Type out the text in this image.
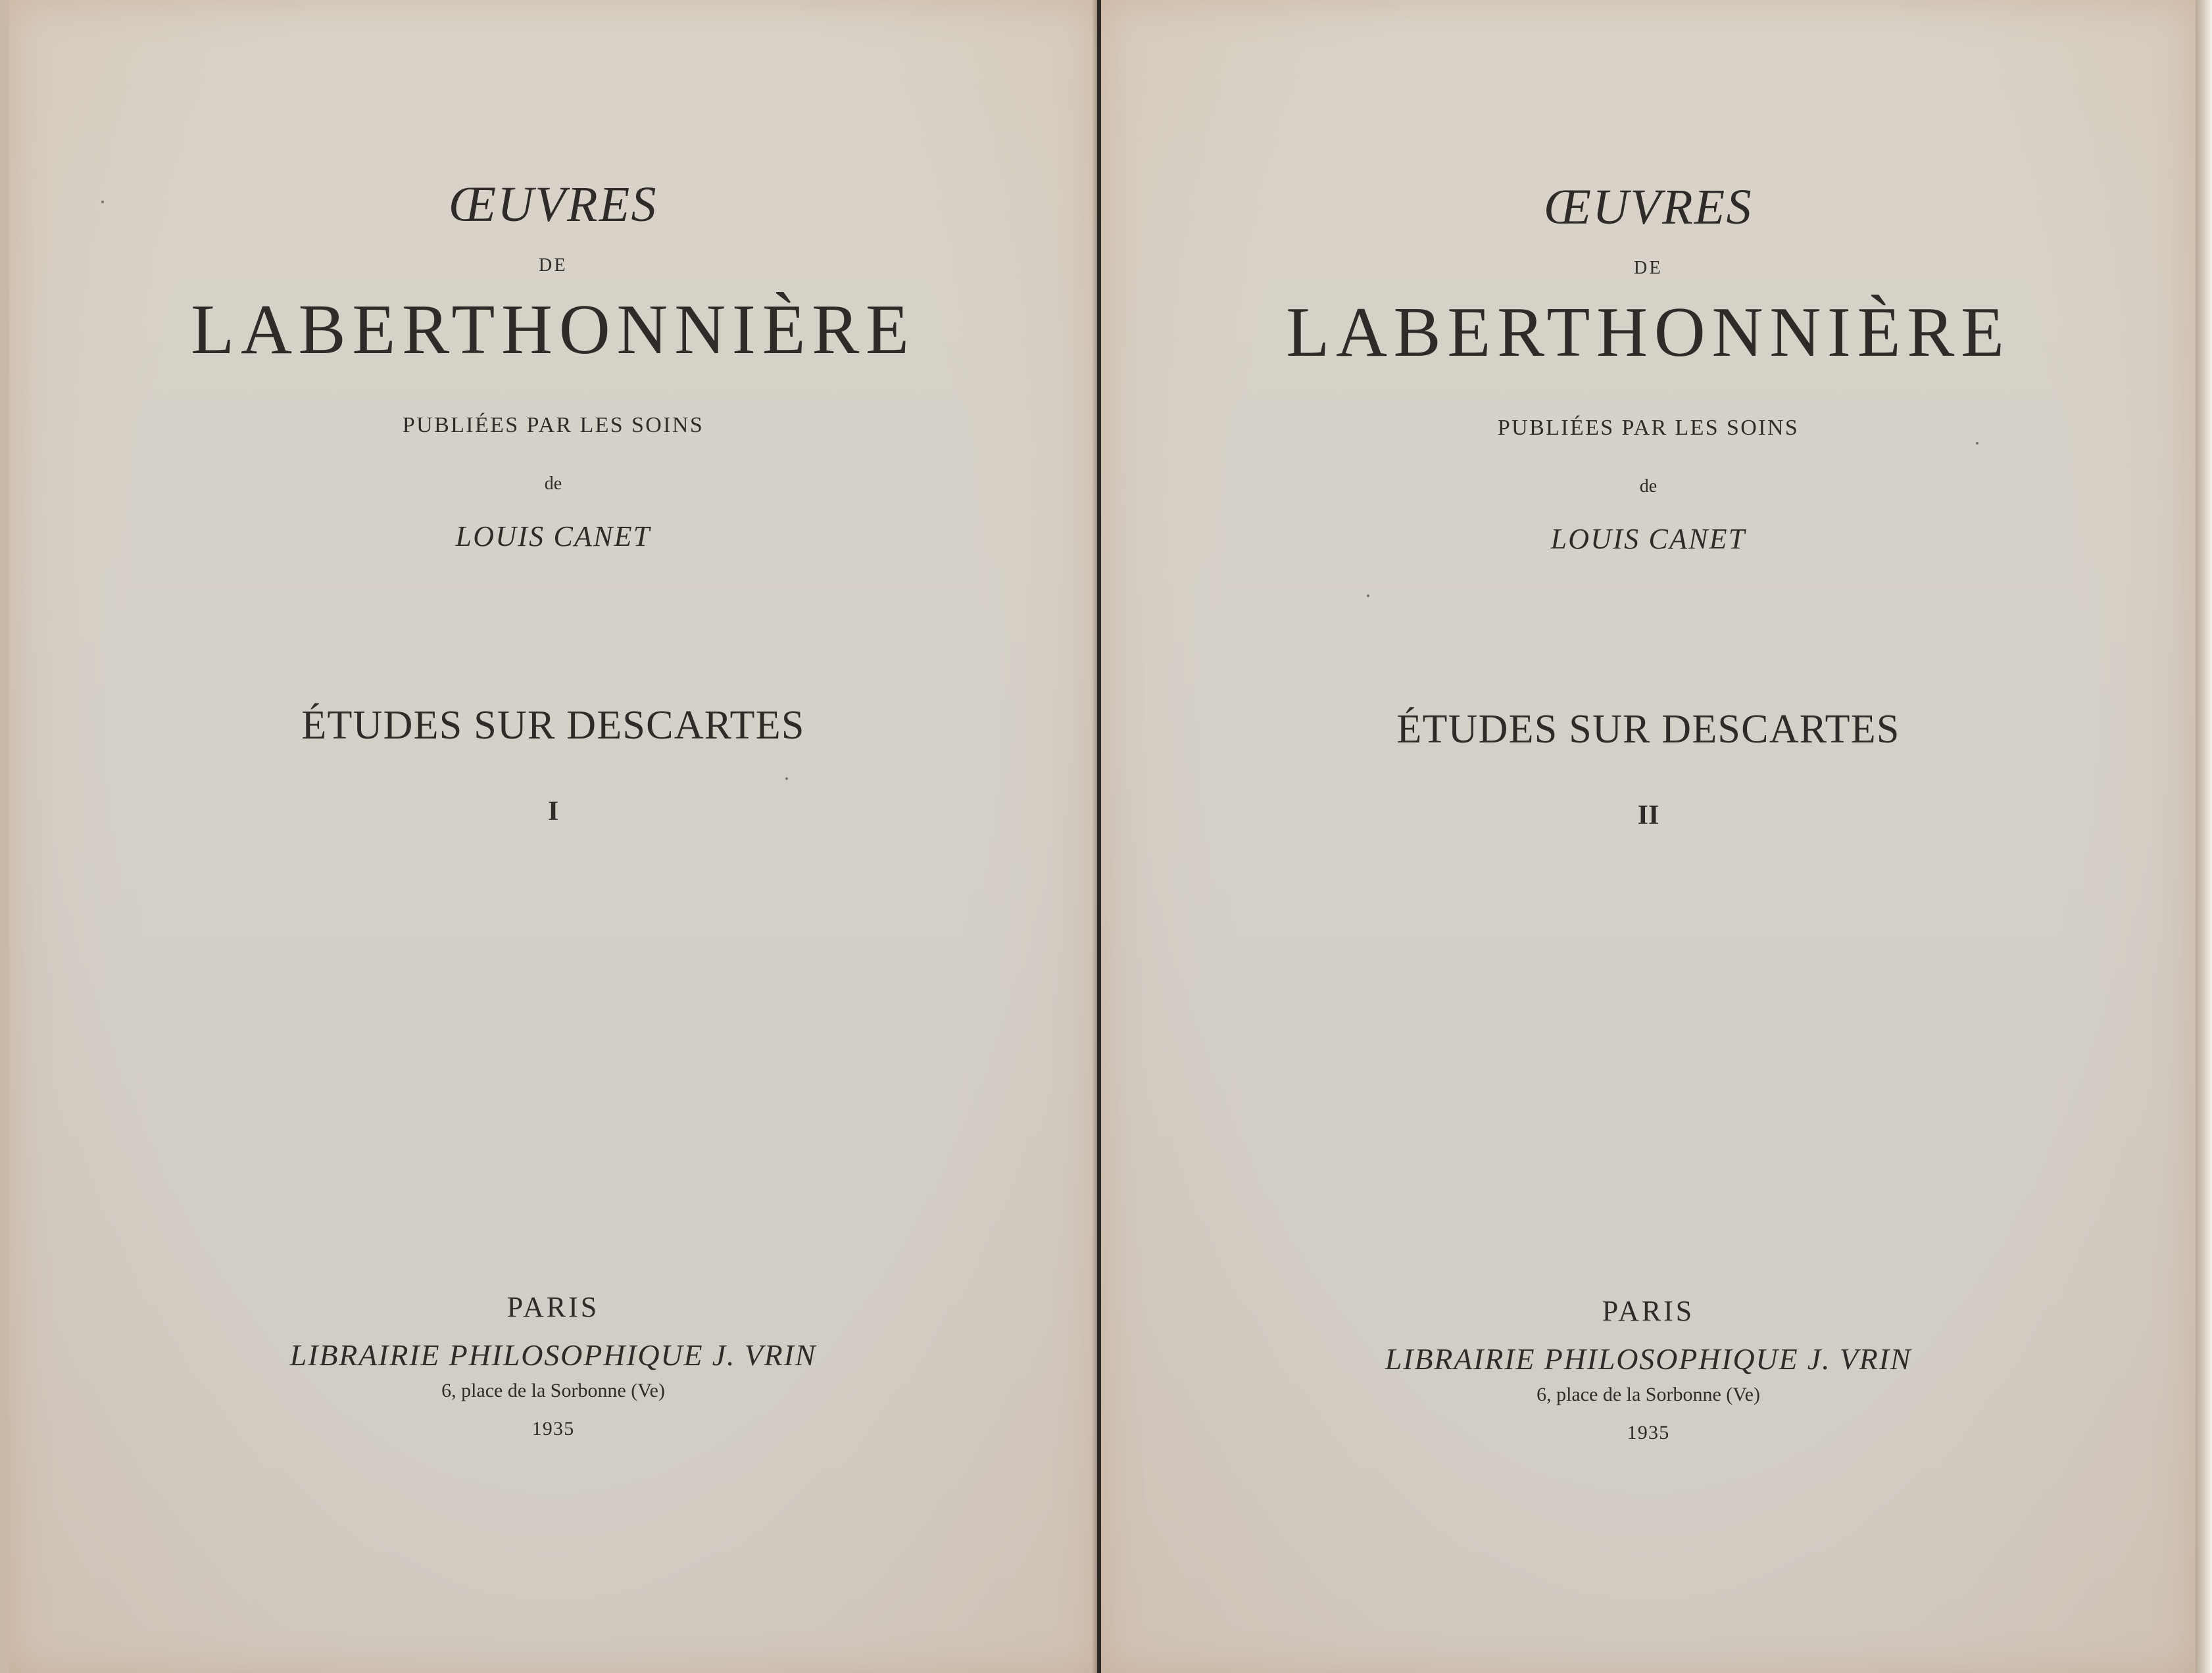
ŒUVRES
DE
LABERTHONNIÈRE
PUBLIÉES PAR LES SOINS
de
LOUIS CANET
ÉTUDES SUR DESCARTES
I
PARIS
LIBRAIRIE PHILOSOPHIQUE J. VRIN
6, place de la Sorbonne (Ve)
1935
ŒUVRES
DE
LABERTHONNIÈRE
PUBLIÉES PAR LES SOINS
de
LOUIS CANET
ÉTUDES SUR DESCARTES
II
PARIS
LIBRAIRIE PHILOSOPHIQUE J. VRIN
6, place de la Sorbonne (Ve)
1935
